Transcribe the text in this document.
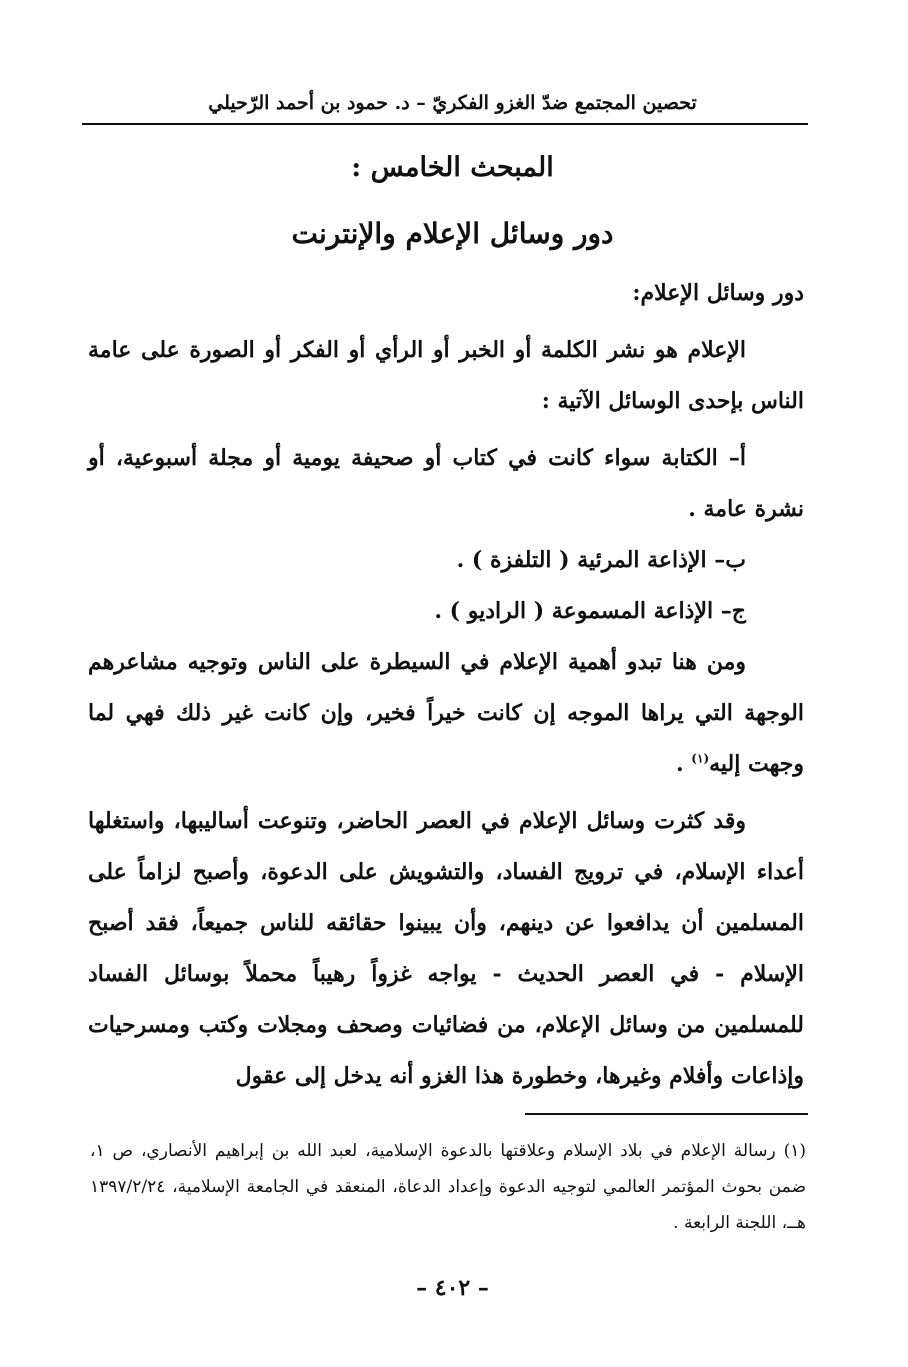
تحصين المجتمع ضدّ الغزو الفكريّ – د. حمود بن أحمد الرّحيلي
المبحث الخامس :
دور وسائل الإعلام والإنترنت

دور وسائل الإعلام:

الإعلام هو نشر الكلمة أو الخبر أو الرأي أو الفكر أو الصورة على عامة الناس بإحدى الوسائل الآتية :

أ– الكتابة سواء كانت في كتاب أو صحيفة يومية أو مجلة أسبوعية، أو نشرة عامة .

ب– الإذاعة المرئية ( التلفزة ) .

ج– الإذاعة المسموعة ( الراديو ) .

ومن هنا تبدو أهمية الإعلام في السيطرة على الناس وتوجيه مشاعرهم الوجهة التي يراها الموجه إن كانت خيراً فخير، وإن كانت غير ذلك فهي لما وجهت إليه$^{(١)}$ .

وقد كثرت وسائل الإعلام في العصر الحاضر، وتنوعت أساليبها، واستغلها أعداء الإسلام، في ترويج الفساد، والتشويش على الدعوة، وأصبح لزاماً على المسلمين أن يدافعوا عن دينهم، وأن يبينوا حقائقه للناس جميعاً، فقد أصبح الإسلام - في العصر الحديث - يواجه غزواً رهيباً محملاً بوسائل الفساد للمسلمين من وسائل الإعلام، من فضائيات وصحف ومجلات وكتب ومسرحيات وإذاعات وأفلام وغيرها، وخطورة هذا الغزو أنه يدخل إلى عقول

(١) رسالة الإعلام في بلاد الإسلام وعلاقتها بالدعوة الإسلامية، لعبد الله بن إبراهيم الأنصاري، ص ١، ضمن بحوث المؤتمر العالمي لتوجيه الدعوة وإعداد الدعاة، المنعقد في الجامعة الإسلامية، ١٣٩٧/٢/٢٤ هــ، اللجنة الرابعة .
– ٤٠٢ –
